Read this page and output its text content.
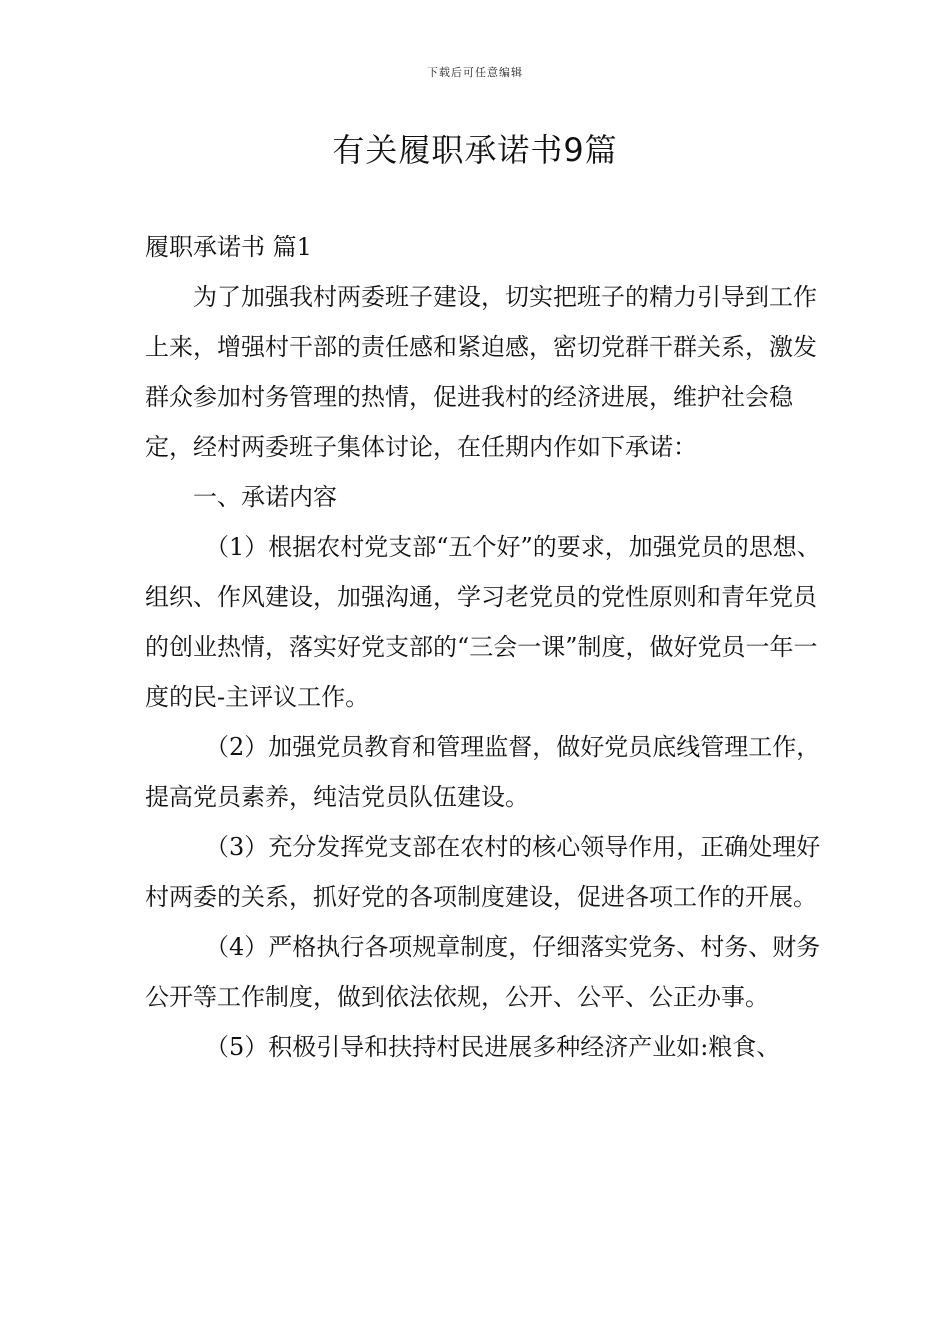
下载后可任意编辑
有关履职承诺书9篇

履职承诺书 篇1

为了加强我村两委班子建设，切实把班子的精力引导到工作上来，增强村干部的责任感和紧迫感，密切党群干群关系，激发群众参加村务管理的热情，促进我村的经济进展，维护社会稳定，经村两委班子集体讨论，在任期内作如下承诺：

一、承诺内容

（1）根据农村党支部“五个好”的要求，加强党员的思想、组织、作风建设，加强沟通，学习老党员的党性原则和青年党员的创业热情，落实好党支部的“三会一课”制度，做好党员一年一度的民-主评议工作。

（2）加强党员教育和管理监督，做好党员底线管理工作，提高党员素养，纯洁党员队伍建设。

（3）充分发挥党支部在农村的核心领导作用，正确处理好村两委的关系，抓好党的各项制度建设，促进各项工作的开展。

（4）严格执行各项规章制度，仔细落实党务、村务、财务公开等工作制度，做到依法依规，公开、公平、公正办事。

（5）积极引导和扶持村民进展多种经济产业如:粮食、
